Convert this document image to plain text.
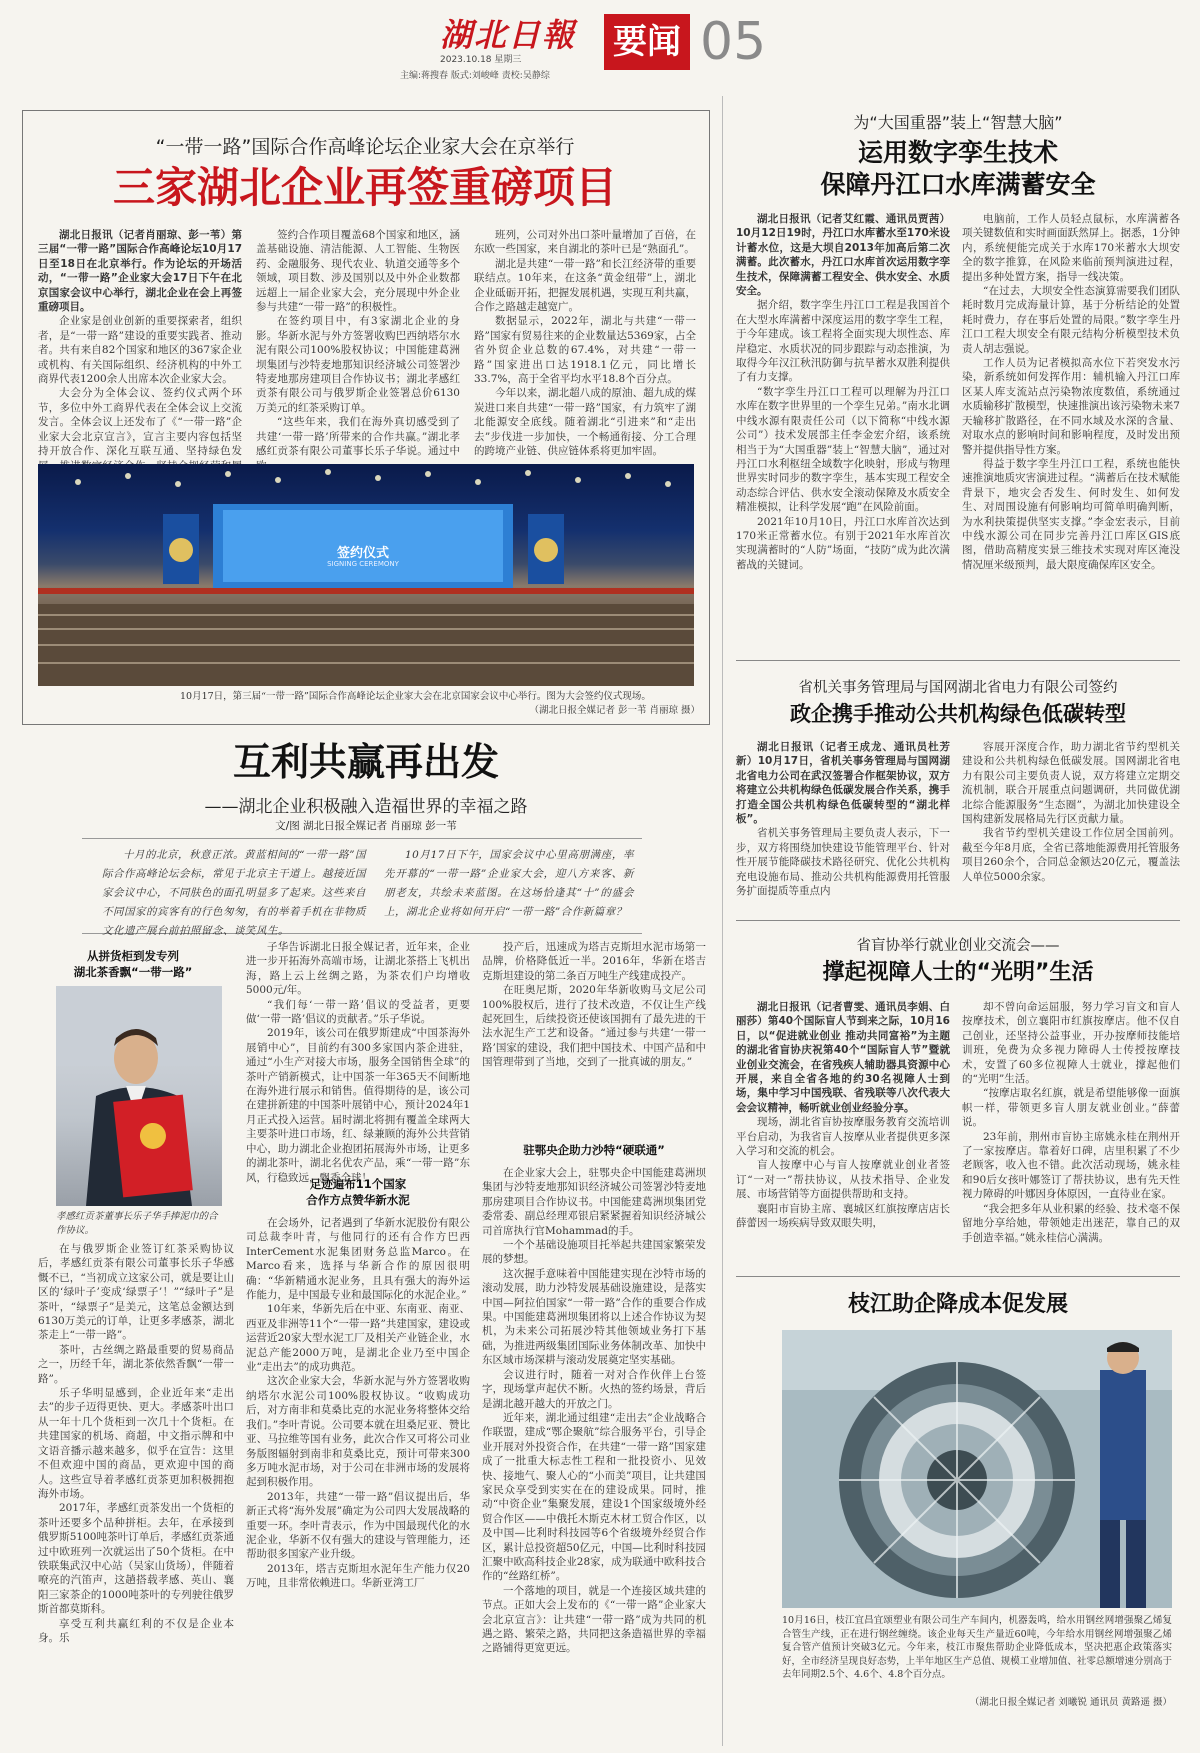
湖北日報	要闻 05
2023.10.18 星期三
主编:蒋搜春 版式:刘峻峰 责校:吴静综
“一带一路”国际合作高峰论坛企业家大会在京举行
三家湖北企业再签重磅项目

湖北日报讯（记者肖丽琼、彭一苇）第三届“一带一路”国际合作高峰论坛10月17日至18日在北京举行。作为论坛的开场活动，“一带一路”企业家大会17日下午在北京国家会议中心举行，湖北企业在会上再签重磅项目。

企业家是创业创新的重要探索者，组织者，是“一带一路”建设的重要实践者、推动者。共有来自82个国家和地区的367家企业或机构、有关国际组织、经济机构的中外工商界代表1200余人出席本次企业家大会。

大会分为全体会议、签约仪式两个环节，多位中外工商界代表在全体会议上交流发言。全体会议上还发布了《“一带一路”企业家大会北京宣言》，宣言主要内容包括坚持开放合作、深化互联互通、坚持绿色发

签约合作项目覆盖68个国家和地区，涵盖基础设施、清洁能源、人工智能、生物医药、金融服务、现代农业、轨道交通等多个领域，项目数、涉及国别以及中外企业数都远超上一届企业家大会，充分展现中外企业参与共建“一带一路”的积极性。

在签约项目中，有3家湖北企业的身影。华新水泥与外方签署收购巴西纳塔尔水泥有限公司100%股权协议；中国能建葛洲坝集团与沙特麦地那知识经济城公司签署沙特麦地那房建项目合作协议书；湖北孝感红贡茶有限公司与俄罗斯企业签署总价6130万美元的红茶采购订单。

“这些年来，我们在海外真切感受到了共建‘一带一路’所带来的合作共赢。”湖北孝感红贡茶有限公司董事长乐子华说。通过中

班列，公司对外出口茶叶量增加了百倍，在东欧一些国家，来自湖北的茶叶已是“熟面孔”。

湖北是共建“一带一路”和长江经济带的重要联结点。10年来，在这条“黄金纽带”上，湖北企业砥砺开拓，把握发展机遇，实现互利共赢，合作之路越走越宽广。

数据显示，2022年，湖北与共建“一带一路”国家有贸易往来的企业数量达5369家，占全省外贸企业总数的67.4%，对共建“一带一路”国家进出口达1918.1亿元，同比增长33.7%，高于全省平均水平18.8个百分点。

今年以来，湖北超八成的原油、超九成的煤炭进口来自共建“一带一路”国家，有力筑牢了湖北能源安全底线。随着湖北“引进来”和“走出去”步伐进一步加快，一个畅通衔接、分工合理的跨境产业链、供应链体系将更加牢固。

签约仪式
SIGNING CEREMONY
10月17日，第三届“一带一路”国际合作高峰论坛企业家大会在北京国家会议中心举行。图为大会签约仪式现场。
（湖北日报全媒记者 彭一苇 肖丽琼 摄）
互利共赢再出发
——湖北企业积极融入造福世界的幸福之路
文/图 湖北日报全媒记者 肖丽琼 彭一苇
十月的北京，秋意正浓。黄蓝相间的“一带一路”国际合作高峰论坛会标，常见于北京主干道上。越接近国家会议中心，不同肤色的面孔明显多了起来。这些来自不同国家的宾客有的行色匆匆，有的举着手机在非物质文化遗产展台前拍照留念、谈笑风生。
10月17日下午，国家会议中心里高朋满座，率先开幕的“一带一路”企业家大会，迎八方来客、新朋老友，共绘未来蓝图。在这场恰逢其“十”的盛会上，湖北企业将如何开启“一带一路”合作新篇章？
从拼货柜到发专列
湖北茶香飘“一带一路”
孝感红贡茶董事长乐子华手捧泥巾的合作协议。

在与俄罗斯企业签订红茶采购协议后，孝感红贡茶有限公司董事长乐子华感慨不已，“当初成立这家公司，就是要让山区的‘绿叶子’变成‘绿票子’！”“绿叶子”是茶叶，“绿票子”是美元，这笔总金额达到6130万美元的订单，让更多孝感茶，湖北茶走上“一带一路”。

茶叶，古丝绸之路最重要的贸易商品之一，历经千年，湖北茶依然香飘“一带一路”。

乐子华明显感到，企业近年来“走出去”的步子迈得更快、更大。孝感茶叶出口从一年十几个货柜到一次几十个货柜。在共建国家的机场、商超，中文指示牌和中文语音播示越来越多，似乎在宣告：这里不但欢迎中国的商品，更欢迎中国的商人。这些宣导着孝感红贡茶更加积极拥抱海外市场。

2017年，孝感红贡茶发出一个货柜的茶叶还要多个品种拼柜。去年，在承接到俄罗斯5100吨茶叶订单后，孝感红贡茶通过中欧班列一次就运出了50个货柜。在中铁联集武汉中心站（吴家山货场），伴随着嘹亮的汽笛声，这趟搭载孝感、英山、襄阳三家茶企的1000吨茶叶的专列驶往俄罗斯首都莫斯科。

享受互利共赢红利的不仅是企业本身。乐

子华告诉湖北日报全媒记者，近年来，企业进一步开拓海外高端市场，让湖北茶搭上飞机出海，路上云上丝绸之路，为茶农们户均增收5000元/年。

“我们每‘一带一路’倡议的受益者，更要做‘一带一路’倡议的贡献者。”乐子华说。

2019年，该公司在俄罗斯建成“中国茶海外展销中心”，目前约有300多家国内茶企进驻，通过“小生产对接大市场，服务全国销售全球”的茶叶产销新模式，让中国茶一年365天不间断地在海外进行展示和销售。值得期待的是，该公司在建拼新建的中国茶叶展销中心，预计2024年1月正式投入运营。届时湖北将拥有覆盖全球两大主要茶叶进口市场，红、绿兼顾的海外公共营销中心，助力湖北企业抱团拓展海外市场，让更多的湖北茶叶，湖北名优农产品，乘“一带一路”东风，行稳致远，飘香全球！

足迹遍布11个国家
合作方点赞华新水泥

在会场外，记者遇到了华新水泥股份有限公司总裁李叶青，与他同行的还有合作方巴西InterCement水泥集团财务总监Marco。在Marco看来，选择与华新合作的原因很明确：“华新精通水泥业务，且具有强大的海外运作能力，是中国最专业和最国际化的水泥企业。”

10年来，华新先后在中亚、东南亚、南亚、西亚及非洲等11个“一带一路”共建国家，建设或运营近20家大型水泥工厂及相关产业链企业，水泥总产能2000万吨，是湖北企业乃至中国企业“走出去”的成功典范。

这次企业家大会，华新水泥与外方签署收购纳塔尔水泥公司100%股权协议。“收购成功后，对方南非和莫桑比克的水泥业务将整体交给我们。”李叶青说。公司要本就在坦桑尼亚、赞比亚、马拉维等国有业务，此次合作又可将公司业务版图辐射到南非和莫桑比克，预计可带来300多万吨水泥市场，对于公司在非洲市场的发展将起到积极作用。

2013年，共建“一带一路”倡议提出后，华新正式将“海外发展”确定为公司四大发展战略的重要一环。李叶青表示，作为中国最现代化的水泥企业，华新不仅有强大的建设与管理能力，还帮助很多国家产业升级。

2013年，塔吉克斯坦水泥年生产能力仅20万吨，且非常依赖进口。华新亚湾工厂

投产后，迅速成为塔吉克斯坦水泥市场第一品牌，价格降低近一半。2016年，华新在塔吉克斯坦建设的第二条百万吨生产线建成投产。

在旺奥尼斯，2020年华新收购马文尼公司100%股权后，进行了技术改造，不仅让生产线起死回生，后续投资还使该国拥有了最先进的干法水泥生产工艺和设备。“通过参与共建‘一带一路’国家的建设，我们把中国技术、中国产品和中国管理带到了当地，交到了一批真诚的朋友。”

驻鄂央企助力沙特“硬联通”

在企业家大会上，驻鄂央企中国能建葛洲坝集团与沙特麦地那知识经济城公司签署沙特麦地那房建项目合作协议书。中国能建葛洲坝集团党委常委、副总经理邓银启紧紧握着知识经济城公司首席执行官Mohammad的手。

一个个基础设施项目托举起共建国家繁荣发展的梦想。

这次握手意味着中国能建实现在沙特市场的滚动发展，助力沙特发展基础设施建设，是落实中国—阿拉伯国家“一带一路”合作的重要合作成果。中国能建葛洲坝集团将以上述合作协议为契机，为未来公司拓展沙特其他领域业务打下基础，为推进两级集团国际业务体制改革、加快中东区域市场深耕与滚动发展奠定坚实基础。

会议进行时，随着一对对合作伙伴上台签字，现场掌声起伏不断。火热的签约场景，背后是湖北越开越大的开放之门。

近年来，湖北通过组建“走出去”企业战略合作联盟，建成“鄂企聚航”综合服务平台，引导企业开展对外投资合作，在共建“一带一路”国家建成了一批重大标志性工程和一批投资小、见效快、接地气、聚人心的“小而美”项目，让共建国家民众享受到实实在在的建设成果。同时，推动“中资企业”集聚发展，建设1个国家级境外经贸合作区——中俄托木斯克木材工贸合作区，以及中国—比利时科技园等6个省级境外经贸合作区，累计总投资超50亿元，中国—比利时科技园汇聚中欧高科技企业28家，成为联通中欧科技合作的“丝路红桥”。

一个落地的项目，就是一个连接区域共建的节点。正如大会上发布的《“一带一路”企业家大会北京宣言》：让共建“一带一路”成为共同的机遇之路、繁荣之路，共同把这条造福世界的幸福之路铺得更宽更远。

为“大国重器”装上“智慧大脑”
运用数字孪生技术
保障丹江口水库满蓄安全

湖北日报讯（记者艾红霞、通讯员贾茜）10月12日19时，丹江口水库蓄水至170米设计蓄水位，这是大坝自2013年加高后第二次满蓄。此次蓄水，丹江口水库首次运用数字孪生技术，保障满蓄工程安全、供水安全、水质安全。

据介绍，数字孪生丹江口工程是我国首个在大型水库满蓄中深度运用的数字孪生工程，于今年建成。该工程将全面实现大坝性态、库岸稳定、水质状况的同步跟踪与动态推演，为取得今年汉江秋汛防御与抗旱蓄水双胜利提供了有力支撑。

“数字孪生丹江口工程可以理解为丹江口水库在数字世界里的一个孪生兄弟。”南水北调中线水源有限责任公司（以下简称“中线水源公司”）技术发展部主任李金宏介绍，该系统相当于为“大国重器”装上“智慧大脑”，通过对丹江口水利枢纽全域数字化映射，形成与物理世界实时同步的数字孪生，基本实现工程安全动态综合评估、供水安全滚动保障及水质安全精准模拟，让科学发展“跑”在风险前面。

2021年10月10日，丹江口水库首次达到170米正常蓄水位。有别于2021年水库首次实现满蓄时的“人防”场面，“技防”成为此次满蓄战的关键词。

电脑前，工作人员轻点鼠标，水库满蓄各项关键数值和实时画面跃然屏上。据悉，1分钟内，系统便能完成关于水库170米蓄水大坝安全的数字推算，在风险来临前预判演进过程，提出多种处置方案，指导一线决策。

“在过去，大坝安全性态演算需要我们团队耗时数月完成海量计算，基于分析结论的处置耗时费力，存在事后处置的局限。”数字孪生丹江口工程大坝安全有限元结构分析模型技术负责人胡志强说。

工作人员为记者模拟高水位下若突发水污染，新系统如何发挥作用：辅机输入丹江口库区某人库支流站点污染物浓度数值，系统通过水质输移扩散模型，快速推演出该污染物未来7天输移扩散路径，在不同水域及水深的含量、对取水点的影响时间和影响程度，及时发出预警并提供指导性方案。

得益于数字孪生丹江口工程，系统也能快速推演地质灾害演进过程。“满蓄后在技术赋能背景下，地灾会否发生、何时发生、如何发生、对周围设施有何影响均可简单明确判断，为水利抉策提供坚实支撑。”李金宏表示，目前中线水源公司在同步完善丹江口库区GIS底图，借助高精度实景三维技术实现对库区淹没情况厘米级预判，最大限度确保库区安全。

省机关事务管理局与国网湖北省电力有限公司签约
政企携手推动公共机构绿色低碳转型

湖北日报讯（记者王成龙、通讯员杜芳新）10月17日，省机关事务管理局与国网湖北省电力公司在武汉签署合作框架协议，双方将建立公共机构绿色低碳发展合作关系，携手打造全国公共机构绿色低碳转型的“湖北样板”。

省机关事务管理局主要负责人表示，下一步，双方将围绕加快建设节能管理平台、针对性开展节能降碳技术路径研究、优化公共机构充电设施布局、推动公共机构能源费用托管服务扩面提质等重点内

容展开深度合作，助力湖北省节约型机关建设和公共机构绿色低碳发展。国网湖北省电力有限公司主要负责人说，双方将建立定期交流机制，联合开展重点问题调研，共同做优湖北综合能源服务“生态圈”，为湖北加快建设全国构建新发展格局先行区贡献力量。

我省节约型机关建设工作位居全国前列。截至今年8月底，全省已落地能源费用托管服务项目260余个，合同总金额达20亿元，覆盖法人单位5000余家。

省盲协举行就业创业交流会——
撑起视障人士的“光明”生活

湖北日报讯（记者曹雯、通讯员李娟、白丽莎）第40个国际盲人节到来之际，10月16日，以“促进就业创业 推动共同富裕”为主题的湖北省盲协庆祝第40个“国际盲人节”暨就业创业交流会，在省残疾人辅助器具资源中心开展，来自全省各地的约30名视障人士到场，集中学习中国残联、省残联等八次代表大会会议精神，畅听就业创业经验分享。

现场，湖北省盲协按摩服务教育交流培训平台启动，为我省盲人按摩从业者提供更多深入学习和交流的机会。

盲人按摩中心与盲人按摩就业创业者签订“一对一”帮扶协议，从技术指导、企业发展、市场营销等方面提供帮助和支持。

襄阳市盲协主席、襄城区红旗按摩店店长薛蕾因一场疾病导致双眼失明，

却不曾向命运屈服，努力学习盲文和盲人按摩技术，创立襄阳市红旗按摩店。他不仅自己创业，还坚持公益事业，开办按摩师技能培训班，免费为众多视力障碍人士传授按摩技术，安置了60多位视障人士就业，撑起他们的“光明”生活。

“按摩店取名红旗，就是希望能够像一面旗帜一样，带领更多盲人朋友就业创业。”薛蕾说。

23年前，荆州市盲协主席姚永桂在荆州开了一家按摩店。靠着好口碑，店里积累了不少老顾客，收入也不错。此次活动现场，姚永桂和90后女孩叶娜签订了帮扶协议，患有先天性视力障碍的叶娜因身体原因，一直待业在家。

“我会把多年从业积累的经验、技术毫不保留地分享给她，带领她走出迷茫，靠自己的双手创造幸福。”姚永桂信心满满。

枝江助企降成本促发展
10月16日，枝江宜昌宜颂塑业有限公司生产车间内，机器轰鸣，给水用钢丝网增强聚乙烯复合管生产线，正在进行钢丝缠绕。该企业每天生产量近60吨，今年给水用钢丝网增强聚乙烯复合管产值预计突破3亿元。今年来，枝江市聚焦帮助企业降低成本，坚决把惠企政策落实好，全市经济呈现良好态势，上半年地区生产总值、规模工业增加值、社零总额增速分别高于去年同期2.5个、4.6个、4.8个百分点。
（湖北日报全媒记者 刘曦锐 通讯员 黄路遥 摄）
